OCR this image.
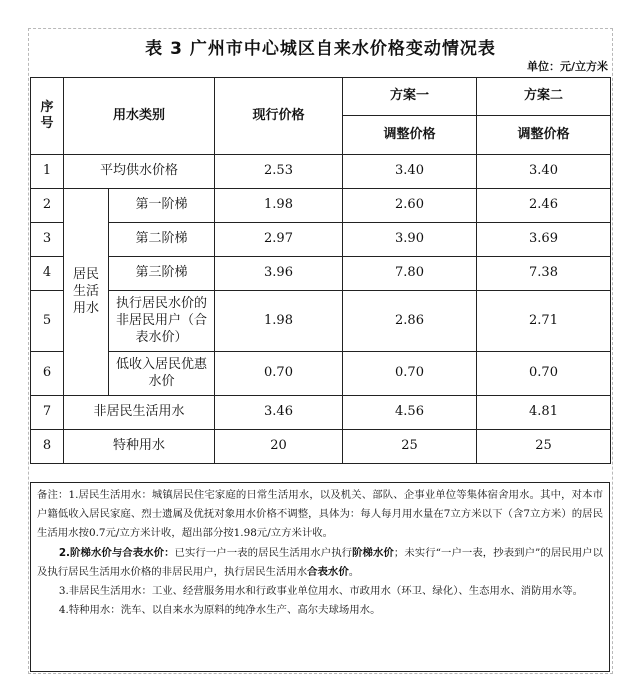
表 3 广州市中心城区自来水价格变动情况表
单位：元/立方米
序号	用水类别		现行价格	方案一	方案二
				调整价格	调整价格
1	平均供水价格		2.53	3.40	3.40
2	居民生活用水	第一阶梯	1.98	2.60	2.46
3		第二阶梯	2.97	3.90	3.69
4		第三阶梯	3.96	7.80	7.38
5		执行居民水价的非居民用户（合表水价）	1.98	2.86	2.71
6		低收入居民优惠水价	0.70	0.70	0.70
7	非居民生活用水		3.46	4.56	4.81
8	特种用水		20	25	25

备注：1.居民生活用水：城镇居民住宅家庭的日常生活用水，以及机关、部队、企事业单位等集体宿舍用水。其中，对本市户籍低收入居民家庭、烈士遗属及优抚对象用水价格不调整，具体为：每人每月用水量在7立方米以下（含7立方米）的居民生活用水按0.7元/立方米计收，超出部分按1.98元/立方米计收。

2.阶梯水价与合表水价：已实行一户一表的居民生活用水户执行阶梯水价；未实行“一户一表，抄表到户”的居民用户以及执行居民生活用水价格的非居民用户，执行居民生活用水合表水价。

3.非居民生活用水：工业、经营服务用水和行政事业单位用水、市政用水（环卫、绿化）、生态用水、消防用水等。

4.特种用水：洗车、以自来水为原料的纯净水生产、高尔夫球场用水。
